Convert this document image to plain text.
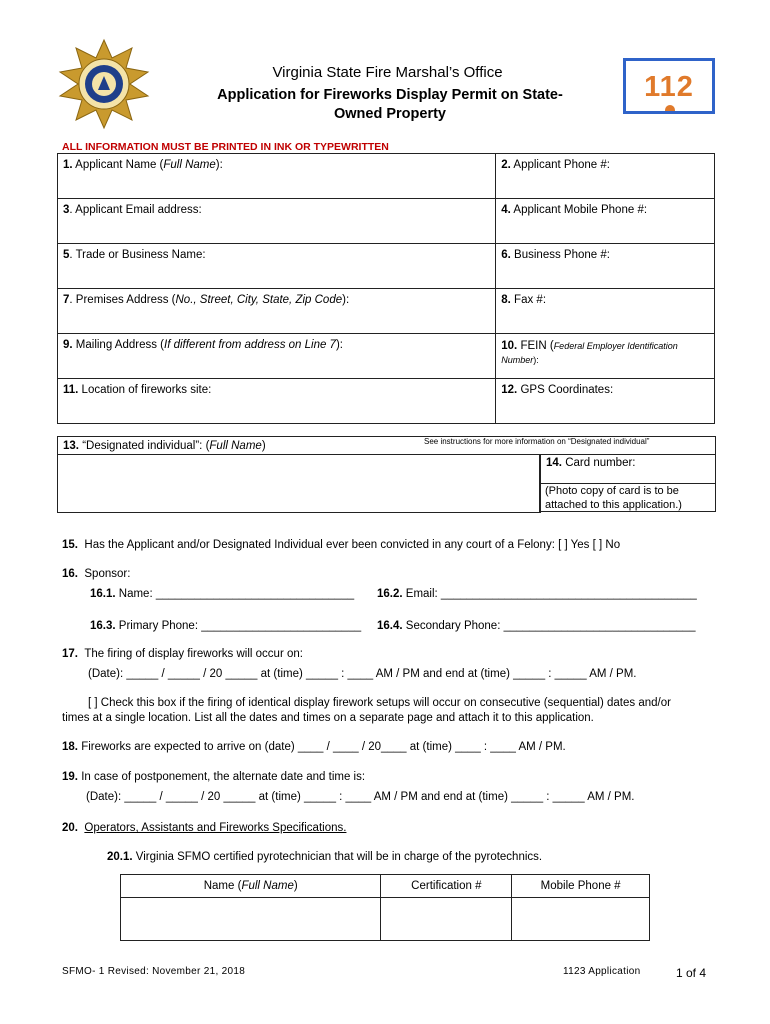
Virginia State Fire Marshal’s Office
Application for Fireworks Display Permit on State-
Owned Property
112
ALL INFORMATION MUST BE PRINTED IN INK OR TYPEWRITTEN
1. Applicant Name (Full Name):	2. Applicant Phone #:
3. Applicant Email address:	4. Applicant Mobile Phone #:
5. Trade or Business Name:	6. Business Phone #:
7. Premises Address (No., Street, City, State, Zip Code):	8. Fax #:
9. Mailing Address (If different from address on Line 7):	10. FEIN (Federal Employer Identification Number):
11. Location of fireworks site:	12. GPS Coordinates:
13. “Designated individual”: (Full Name)	See instructions for more information on “Designated individual”
14. Card number:
(Photo copy of card is to be attached to this application.)
15. Has the Applicant and/or Designated Individual ever been convicted in any court of a Felony: [ ] Yes [ ] No
16. Sponsor:
16.1. Name: _______________________________ 16.2. Email: ________________________________________
16.3. Primary Phone: _________________________ 16.4. Secondary Phone: ______________________________
17. The firing of display fireworks will occur on:
(Date): _____ / _____ / 20 _____ at (time) _____ : ____ AM / PM and end at (time) _____ : _____ AM / PM.
[ ] Check this box if the firing of identical display firework setups will occur on consecutive (sequential) dates and/or
times at a single location. List all the dates and times on a separate page and attach it to this application.
18. Fireworks are expected to arrive on (date) ____ / ____ / 20____ at (time) ____ : ____ AM / PM.
19. In case of postponement, the alternate date and time is:
(Date): _____ / _____ / 20 _____ at (time) _____ : ____ AM / PM and end at (time) _____ : _____ AM / PM.
20. Operators, Assistants and Fireworks Specifications.
20.1. Virginia SFMO certified pyrotechnician that will be in charge of the pyrotechnics.
Name (Full Name)	Certification #	Mobile Phone #

SFMO- 1 Revised: November 21, 2018	1123 Application	1 of 4
